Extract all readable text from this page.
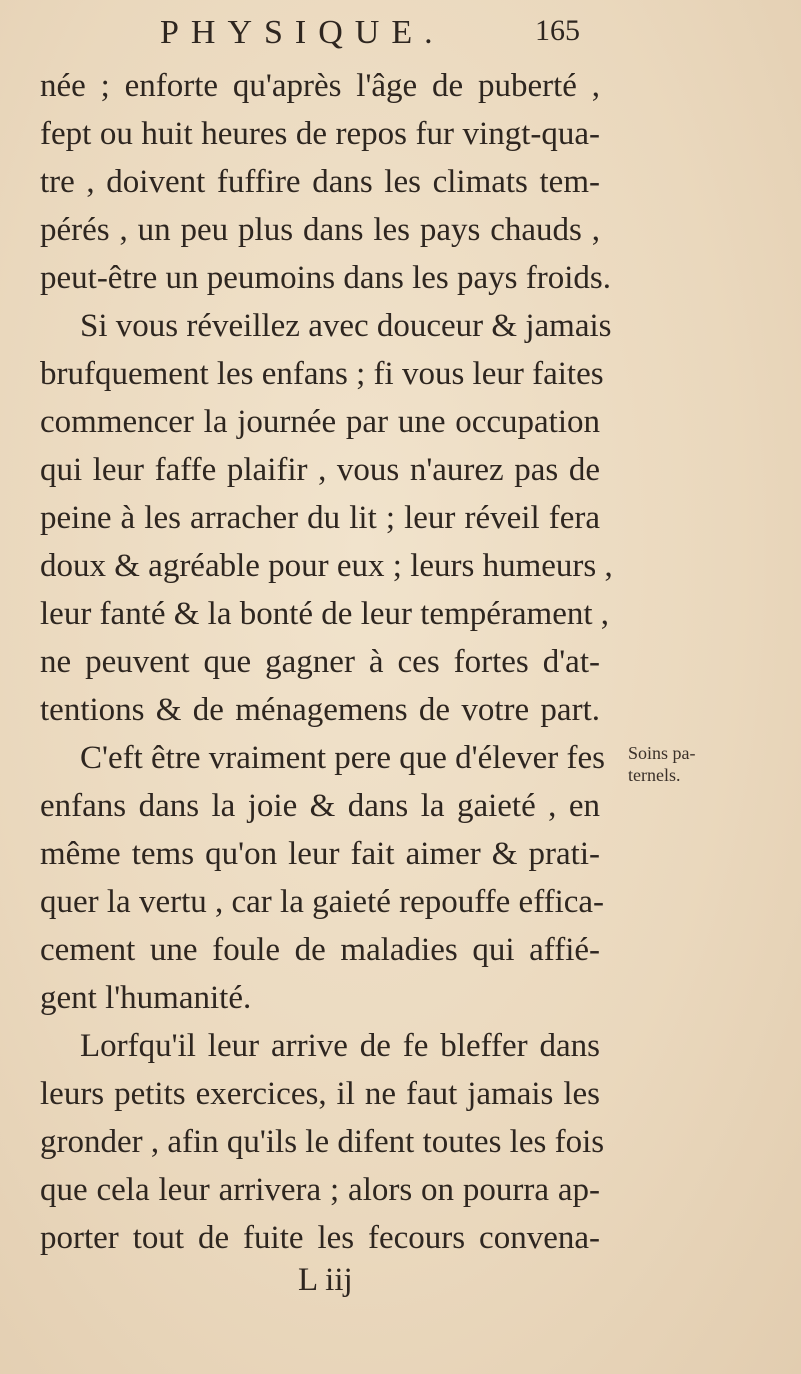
PHYSIQUE.	165
née ; enforte qu'après l'âge de puberté ,
fept ou huit heures de repos fur vingt-qua-
tre , doivent fuffire dans les climats tem-
pérés , un peu plus dans les pays chauds ,
peut-être un peumoins dans les pays froids.
Si vous réveillez avec douceur & jamais
brufquement les enfans ; fi vous leur faites
commencer la journée par une occupation
qui leur faffe plaifir , vous n'aurez pas de
peine à les arracher du lit ; leur réveil fera
doux & agréable pour eux ; leurs humeurs ,
leur fanté & la bonté de leur tempérament ,
ne peuvent que gagner à ces fortes d'at-
tentions & de ménagemens de votre part.
C'eft être vraiment pere que d'élever fes
enfans dans la joie & dans la gaieté , en
même tems qu'on leur fait aimer & prati-
quer la vertu , car la gaieté repouffe effica-
cement une foule de maladies qui affié-
gent l'humanité.
Lorfqu'il leur arrive de fe bleffer dans
leurs petits exercices, il ne faut jamais les
gronder , afin qu'ils le difent toutes les fois
que cela leur arrivera ; alors on pourra ap-
porter tout de fuite les fecours convena-
Soins pa-
ternels.
L iij
